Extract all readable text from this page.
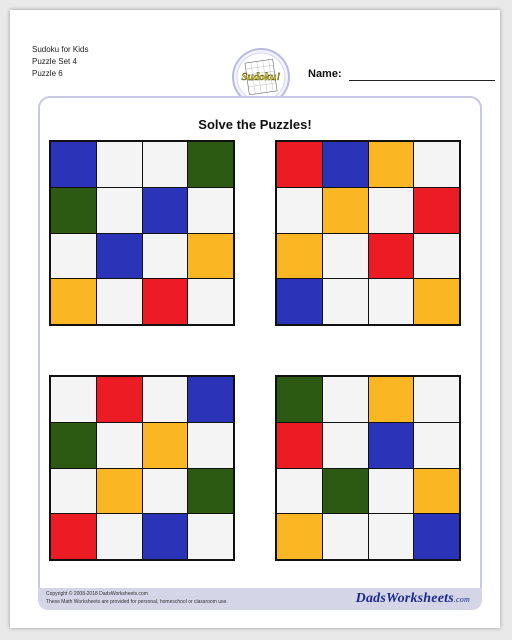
Sudoku for Kids
Puzzle Set 4
Puzzle 6	Sudoku! Name:
Solve the Puzzles!
Copyright © 2008-2018 DadsWorksheets.com
These Math Worksheets are provided for personal, homeschool or classroom use.	DadsWorksheets.com
